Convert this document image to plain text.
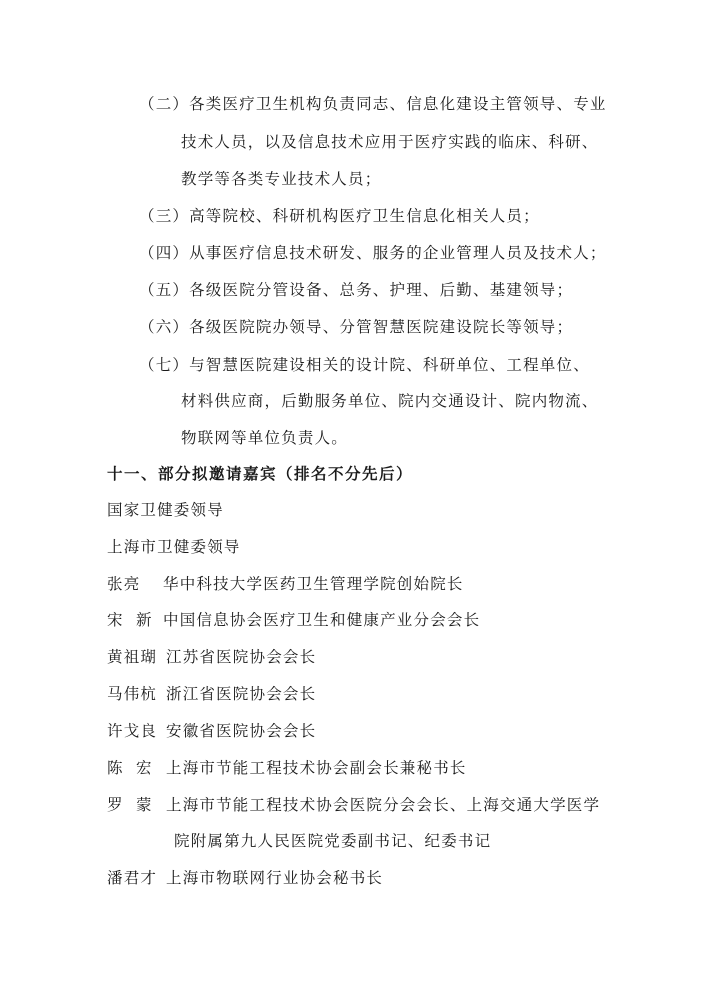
（二）各类医疗卫生机构负责同志、信息化建设主管领导、专业
技术人员，以及信息技术应用于医疗实践的临床、科研、
教学等各类专业技术人员；
（三）高等院校、科研机构医疗卫生信息化相关人员；
（四）从事医疗信息技术研发、服务的企业管理人员及技术人；
（五）各级医院分管设备、总务、护理、后勤、基建领导；
（六）各级医院院办领导、分管智慧医院建设院长等领导；
（七）与智慧医院建设相关的设计院、科研单位、工程单位、
材料供应商，后勤服务单位、院内交通设计、院内物流、
物联网等单位负责人。
十一、部分拟邀请嘉宾（排名不分先后）
国家卫健委领导
上海市卫健委领导
张亮 华中科技大学医药卫生管理学院创始院长
宋  新 中国信息协会医疗卫生和健康产业分会会长
黄祖瑚 江苏省医院协会会长
马伟杭 浙江省医院协会会长
许戈良 安徽省医院协会会长
陈  宏 上海市节能工程技术协会副会长兼秘书长
罗  蒙 上海市节能工程技术协会医院分会会长、上海交通大学医学
院附属第九人民医院党委副书记、纪委书记
潘君才 上海市物联网行业协会秘书长
